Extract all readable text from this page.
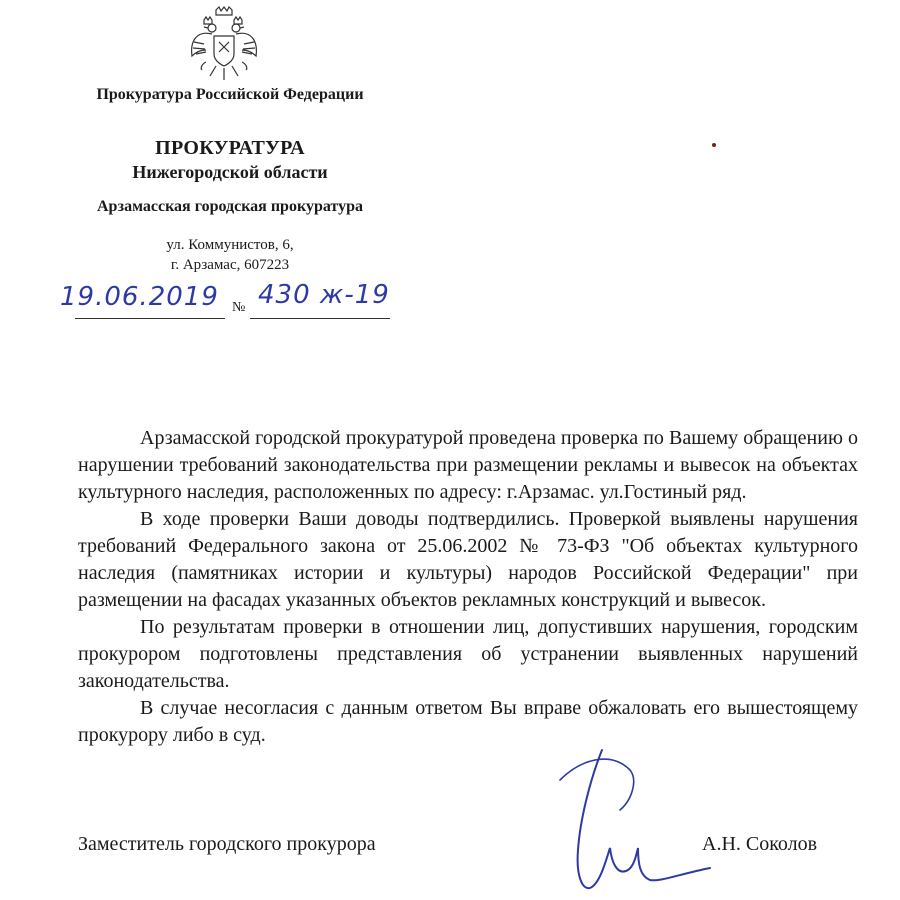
Прокуратура Российской Федерации
ПРОКУРАТУРА
Нижегородской области
Арзамасская городская прокуратура
ул. Коммунистов, 6,
г. Арзамас, 607223
19.06.2019 № 430 ж-19

Арзамасской городской прокуратурой проведена проверка по Вашему обращению о нарушении требований законодательства при размещении рекламы и вывесок на объектах культурного наследия, расположенных по адресу: г.Арзамас. ул.Гостиный ряд.

В ходе проверки Ваши доводы подтвердились. Проверкой выявлены нарушения требований Федерального закона от 25.06.2002 № 73-ФЗ "Об объектах культурного наследия (памятниках истории и культуры) народов Российской Федерации" при размещении на фасадах указанных объектов рекламных конструкций и вывесок.

По результатам проверки в отношении лиц, допустивших нарушения, городским прокурором подготовлены представления об устранении выявленных нарушений законодательства.

В случае несогласия с данным ответом Вы вправе обжаловать его вышестоящему прокурору либо в суд.

Заместитель городского прокурора	А.Н. Соколов
